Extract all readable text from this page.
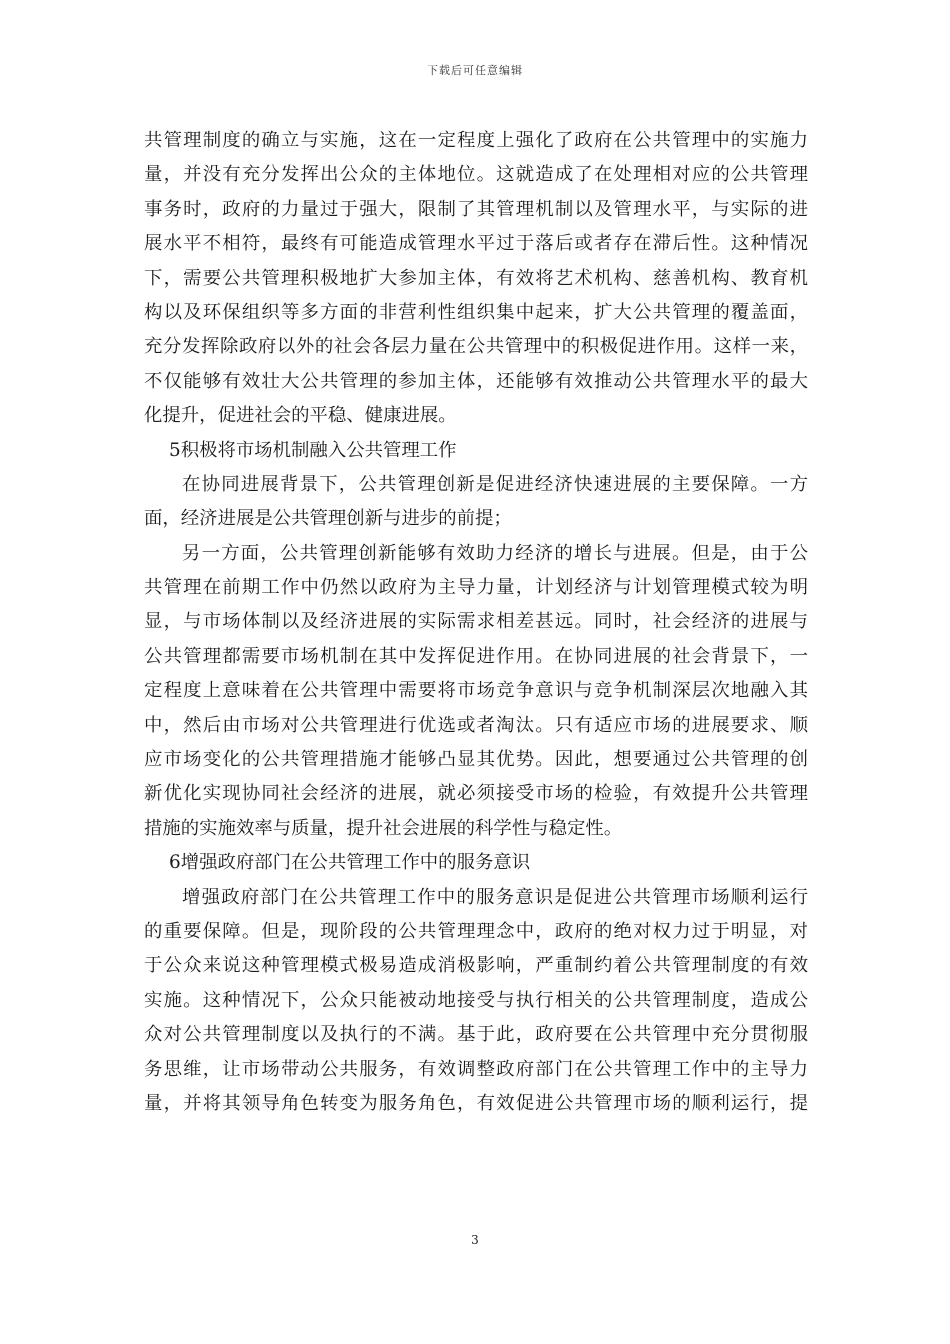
下载后可任意编辑
共管理制度的确立与实施，这在一定程度上强化了政府在公共管理中的实施力
量，并没有充分发挥出公众的主体地位。这就造成了在处理相对应的公共管理
事务时，政府的力量过于强大，限制了其管理机制以及管理水平，与实际的进
展水平不相符，最终有可能造成管理水平过于落后或者存在滞后性。这种情况
下，需要公共管理积极地扩大参加主体，有效将艺术机构、慈善机构、教育机
构以及环保组织等多方面的非营利性组织集中起来，扩大公共管理的覆盖面，
充分发挥除政府以外的社会各层力量在公共管理中的积极促进作用。这样一来，
不仅能够有效壮大公共管理的参加主体，还能够有效推动公共管理水平的最大
化提升，促进社会的平稳、健康进展。
5积极将市场机制融入公共管理工作
在协同进展背景下，公共管理创新是促进经济快速进展的主要保障。一方
面，经济进展是公共管理创新与进步的前提；
另一方面，公共管理创新能够有效助力经济的增长与进展。但是，由于公
共管理在前期工作中仍然以政府为主导力量，计划经济与计划管理模式较为明
显，与市场体制以及经济进展的实际需求相差甚远。同时，社会经济的进展与
公共管理都需要市场机制在其中发挥促进作用。在协同进展的社会背景下，一
定程度上意味着在公共管理中需要将市场竞争意识与竞争机制深层次地融入其
中，然后由市场对公共管理进行优选或者淘汰。只有适应市场的进展要求、顺
应市场变化的公共管理措施才能够凸显其优势。因此，想要通过公共管理的创
新优化实现协同社会经济的进展，就必须接受市场的检验，有效提升公共管理
措施的实施效率与质量，提升社会进展的科学性与稳定性。
6增强政府部门在公共管理工作中的服务意识
增强政府部门在公共管理工作中的服务意识是促进公共管理市场顺利运行
的重要保障。但是，现阶段的公共管理理念中，政府的绝对权力过于明显，对
于公众来说这种管理模式极易造成消极影响，严重制约着公共管理制度的有效
实施。这种情况下，公众只能被动地接受与执行相关的公共管理制度，造成公
众对公共管理制度以及执行的不满。基于此，政府要在公共管理中充分贯彻服
务思维，让市场带动公共服务，有效调整政府部门在公共管理工作中的主导力
量，并将其领导角色转变为服务角色，有效促进公共管理市场的顺利运行，提
3
